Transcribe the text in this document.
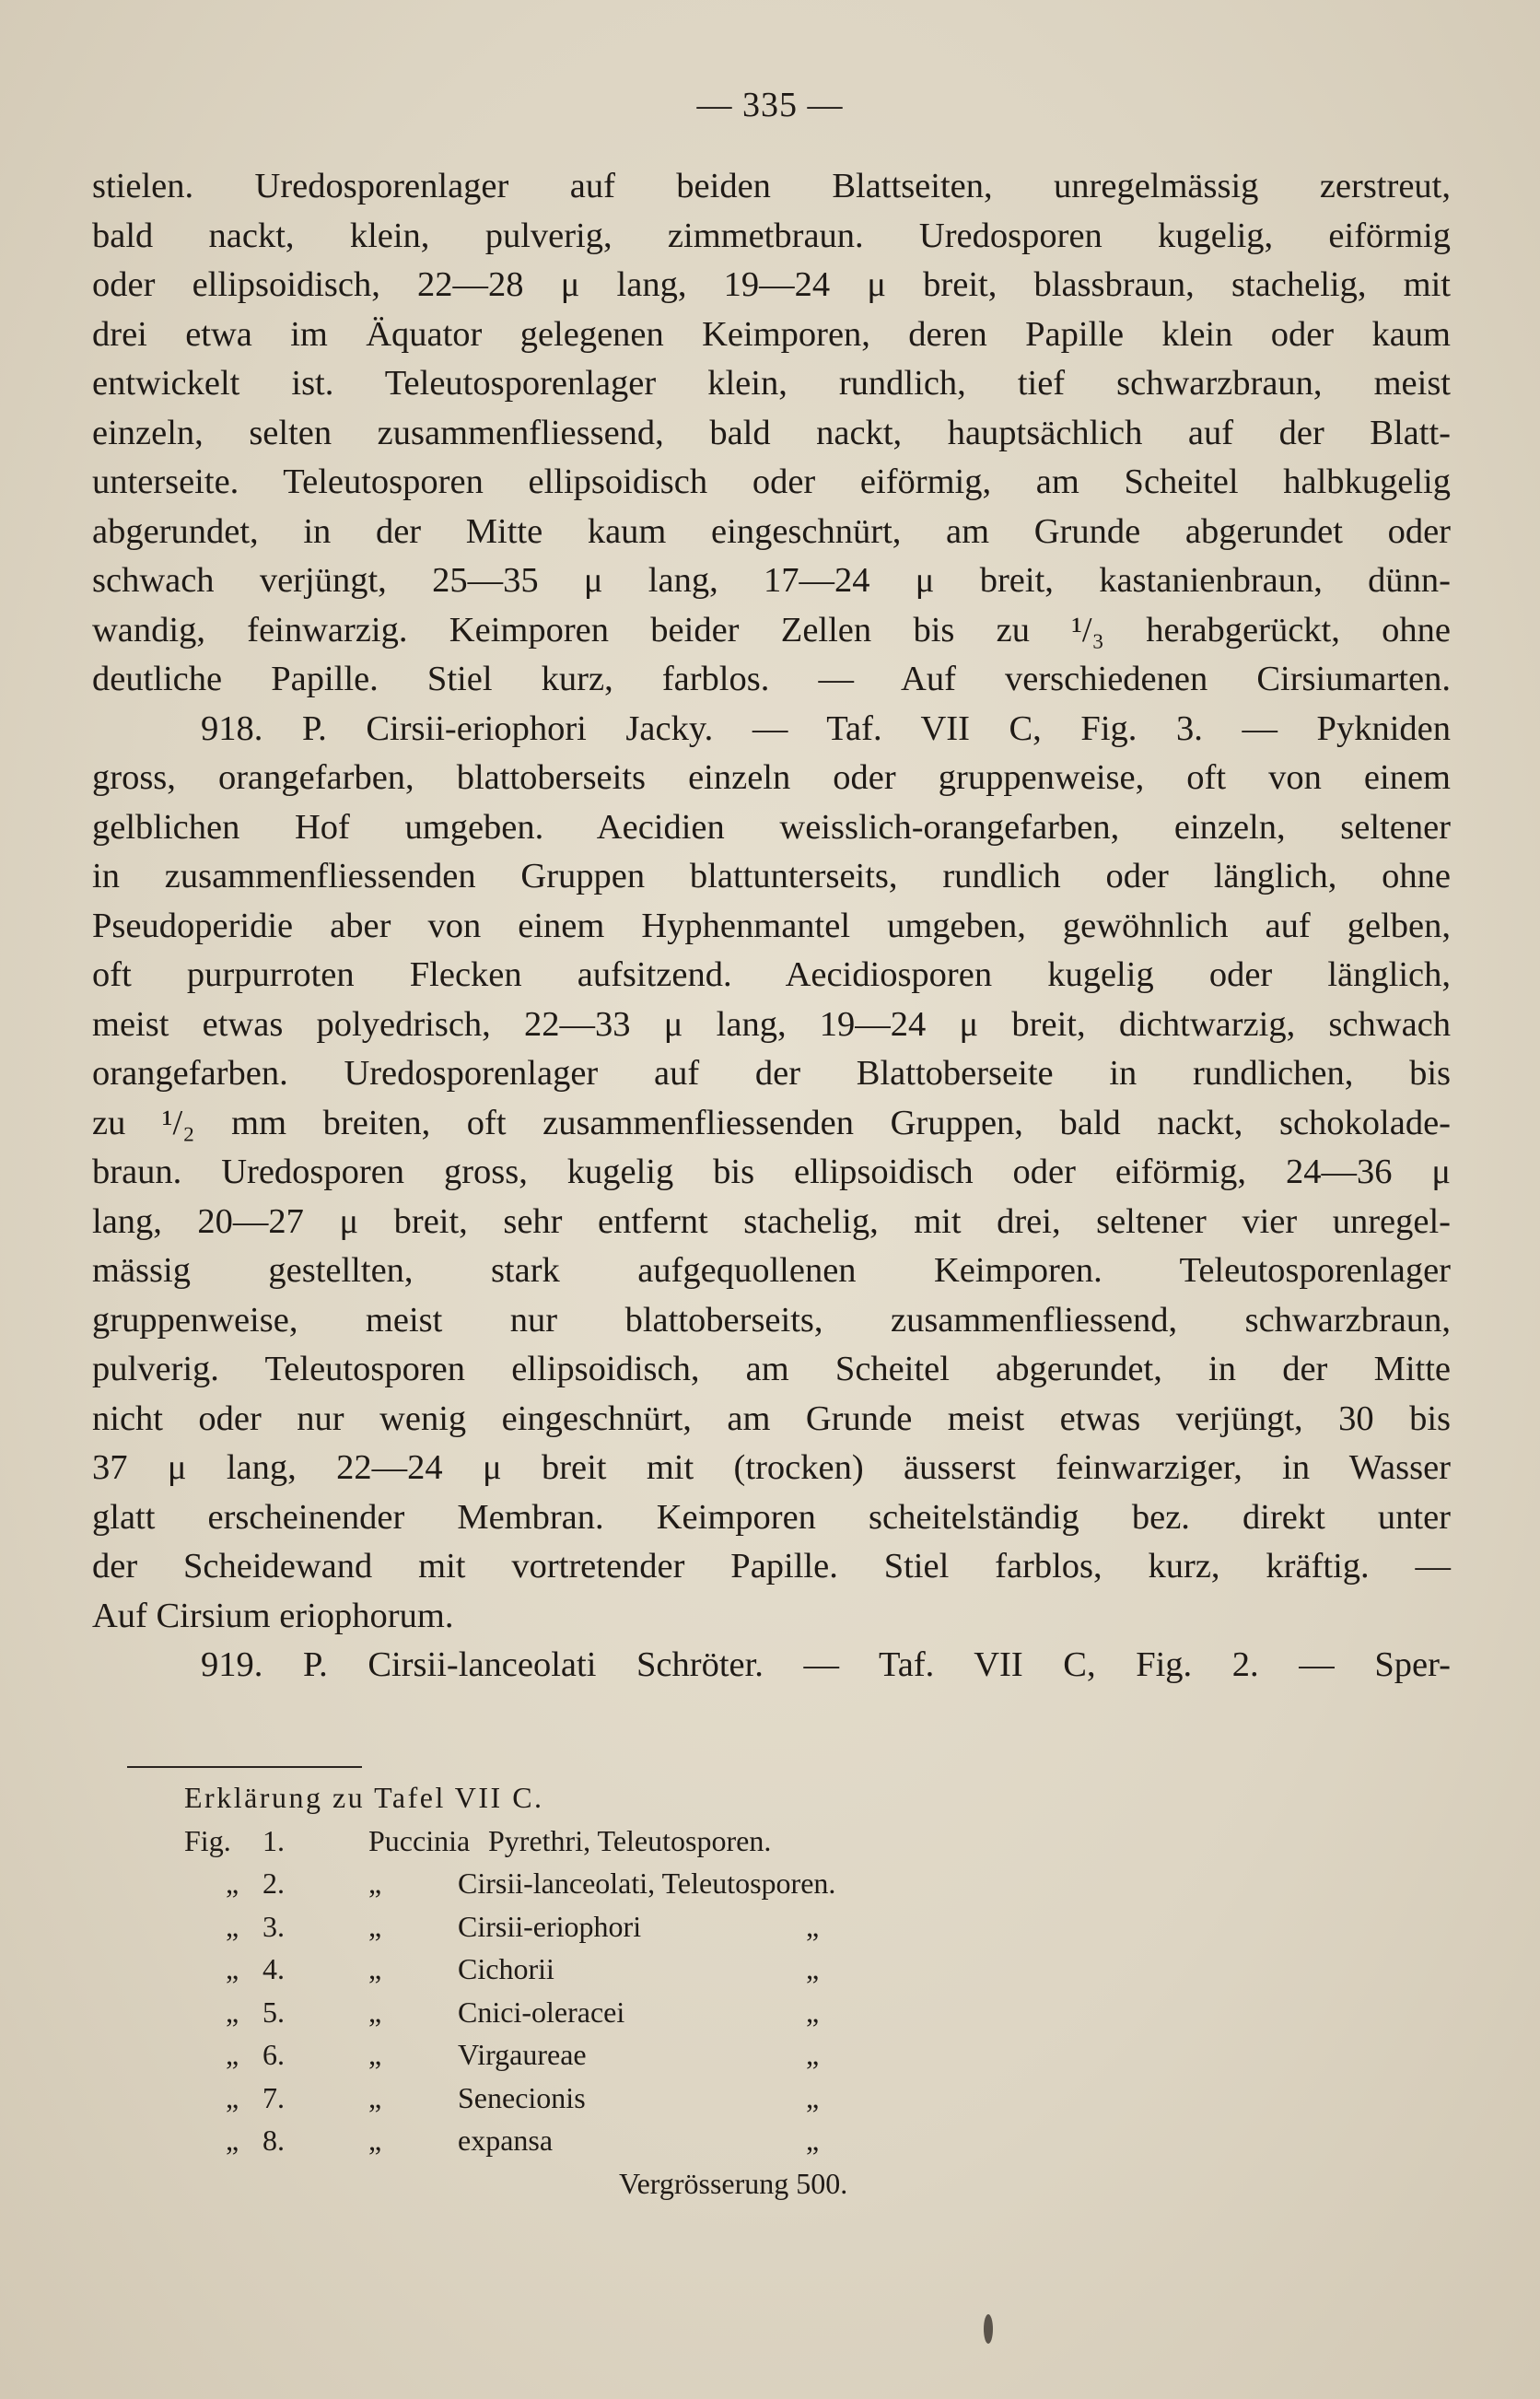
— 335 —
stielen. Uredosporenlager auf beiden Blattseiten, unregelmässig zerstreut,
bald nackt, klein, pulverig, zimmetbraun. Uredosporen kugelig, eiförmig
oder ellipsoidisch, 22—28 μ lang, 19—24 μ breit, blassbraun, stachelig, mit
drei etwa im Äquator gelegenen Keimporen, deren Papille klein oder kaum
entwickelt ist. Teleutosporenlager klein, rundlich, tief schwarzbraun, meist
einzeln, selten zusammenfliessend, bald nackt, hauptsächlich auf der Blatt-
unterseite. Teleutosporen ellipsoidisch oder eiförmig, am Scheitel halbkugelig
abgerundet, in der Mitte kaum eingeschnürt, am Grunde abgerundet oder
schwach verjüngt, 25—35 μ lang, 17—24 μ breit, kastanienbraun, dünn-
wandig, feinwarzig. Keimporen beider Zellen bis zu ¹/₃ herabgerückt, ohne
deutliche Papille. Stiel kurz, farblos. — Auf verschiedenen Cirsiumarten.
918. P. Cirsii-eriophori Jacky. — Taf. VII C, Fig. 3. — Pykniden
gross, orangefarben, blattoberseits einzeln oder gruppenweise, oft von einem
gelblichen Hof umgeben. Aecidien weisslich-orangefarben, einzeln, seltener
in zusammenfliessenden Gruppen blattunterseits, rundlich oder länglich, ohne
Pseudoperidie aber von einem Hyphenmantel umgeben, gewöhnlich auf gelben,
oft purpurroten Flecken aufsitzend. Aecidiosporen kugelig oder länglich,
meist etwas polyedrisch, 22—33 μ lang, 19—24 μ breit, dichtwarzig, schwach
orangefarben. Uredosporenlager auf der Blattoberseite in rundlichen, bis
zu ¹/₂ mm breiten, oft zusammenfliessenden Gruppen, bald nackt, schokolade-
braun. Uredosporen gross, kugelig bis ellipsoidisch oder eiförmig, 24—36 μ
lang, 20—27 μ breit, sehr entfernt stachelig, mit drei, seltener vier unregel-
mässig gestellten, stark aufgequollenen Keimporen. Teleutosporenlager
gruppenweise, meist nur blattoberseits, zusammenfliessend, schwarzbraun,
pulverig. Teleutosporen ellipsoidisch, am Scheitel abgerundet, in der Mitte
nicht oder nur wenig eingeschnürt, am Grunde meist etwas verjüngt, 30 bis
37 μ lang, 22—24 μ breit mit (trocken) äusserst feinwarziger, in Wasser
glatt erscheinender Membran. Keimporen scheitelständig bez. direkt unter
der Scheidewand mit vortretender Papille. Stiel farblos, kurz, kräftig. —
Auf Cirsium eriophorum.
919. P. Cirsii-lanceolati Schröter. — Taf. VII C, Fig. 2. — Sper-
Erklärung zu Tafel VII C.
Fig. 1.	Puccinia Pyrethri, Teleutosporen.
„ 2.	„	Cirsii-lanceolati, Teleutosporen.
„ 3.	„	Cirsii-eriophori	„
„ 4.	„	Cichorii	„
„ 5.	„	Cnici-oleracei	„
„ 6.	„	Virgaureae	„
„ 7.	„	Senecionis	„
„ 8.	„	expansa	„
Vergrösserung 500.
